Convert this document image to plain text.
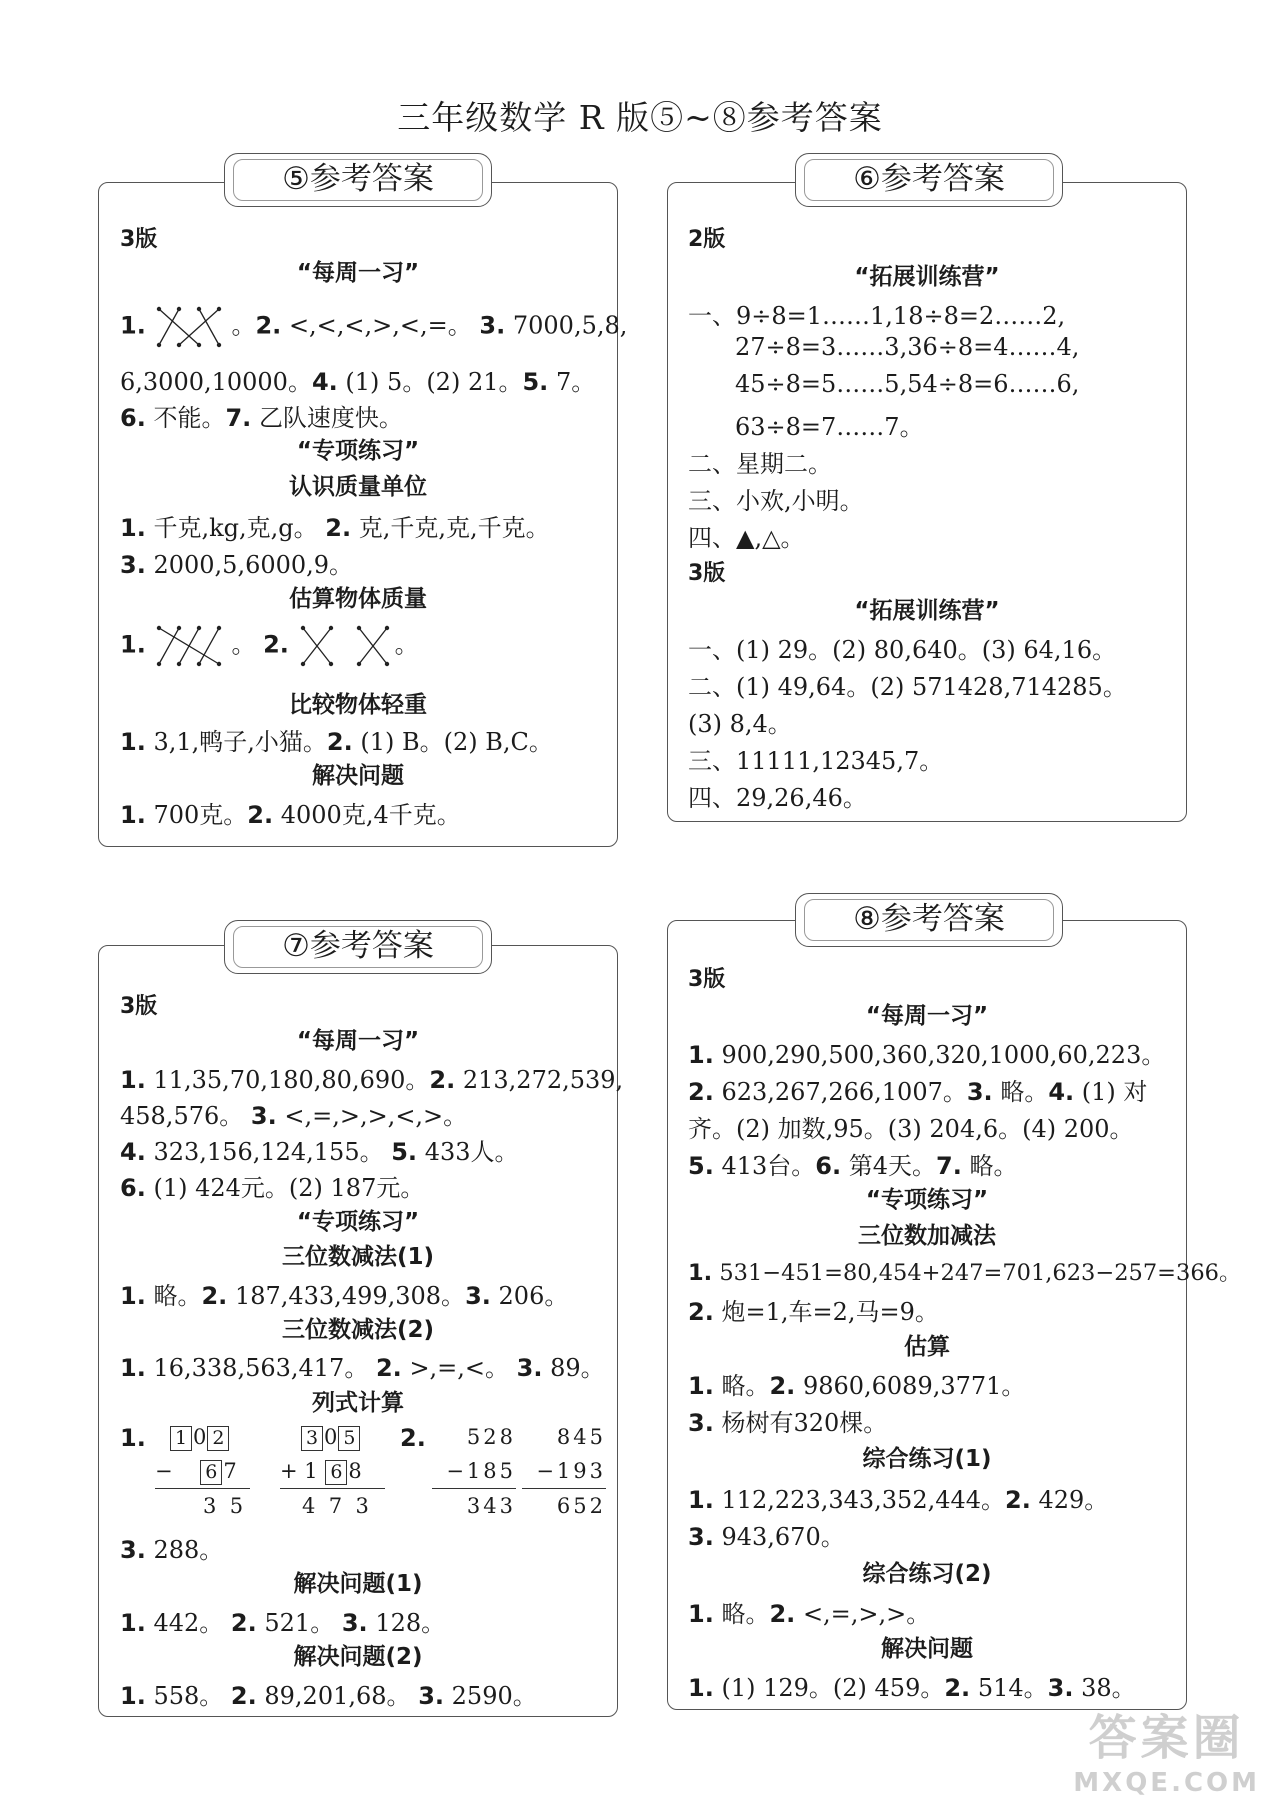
三年级数学 R 版⑤~⑧参考答案
⑤参考答案
3版
“每周一习”
1.	。2. <,<,<,>,<,=。 3. 7000,5,8,
6,3000,10000。4. (1) 5。(2) 21。5. 7。
6. 不能。7. 乙队速度快。
“专项练习”
认识质量单位
1. 千克,kg,克,g。 2. 克,千克,克,千克。
3. 2000,5,6000,9。
估算物体质量
1.	。 2.	。
比较物体轻重
1. 3,1,鸭子,小猫。2. (1) B。(2) B,C。
解决问题
1. 700克。2. 4000克,4千克。
⑥参考答案
2版
“拓展训练营”
一、9÷8=1……1,18÷8=2……2,
27÷8=3……3,36÷8=4……4,
45÷8=5……5,54÷8=6……6,
63÷8=7……7。
二、星期二。
三、小欢,小明。
四、▲,△。
3版
“拓展训练营”
一、(1) 29。(2) 80,640。(3) 64,16。
二、(1) 49,64。(2) 571428,714285。
(3) 8,4。
三、11111,12345,7。
四、29,26,46。
⑦参考答案
3版
“每周一习”
1. 11,35,70,180,80,690。2. 213,272,539,
458,576。 3. <,=,>,>,<,>。
4. 323,156,124,155。 5. 433人。
6. (1) 424元。(2) 187元。
“专项练习”
三位数减法(1)
1. 略。2. 187,433,499,308。3. 206。
三位数减法(2)
1. 16,338,563,417。 2. >,=,<。 3. 89。
列式计算
1.	1 0 2
− 6 7
3 5
3 0 5
+ 1 6 8
4 7 3
2.	528
−185
343
845
−193
652
3. 288。
解决问题(1)
1. 442。 2. 521。 3. 128。
解决问题(2)
1. 558。 2. 89,201,68。 3. 2590。
⑧参考答案
3版
“每周一习”
1. 900,290,500,360,320,1000,60,223。
2. 623,267,266,1007。3. 略。4. (1) 对
齐。(2) 加数,95。(3) 204,6。(4) 200。
5. 413台。6. 第4天。7. 略。
“专项练习”
三位数加减法
1. 531−451=80,454+247=701,623−257=366。
2. 炮=1,车=2,马=9。
估算
1. 略。2. 9860,6089,3771。
3. 杨树有320棵。
综合练习(1)
1. 112,223,343,352,444。2. 429。
3. 943,670。
综合练习(2)
1. 略。2. <,=,>,>。
解决问题
1. (1) 129。(2) 459。2. 514。3. 38。
答案圈
MXQE.COM
